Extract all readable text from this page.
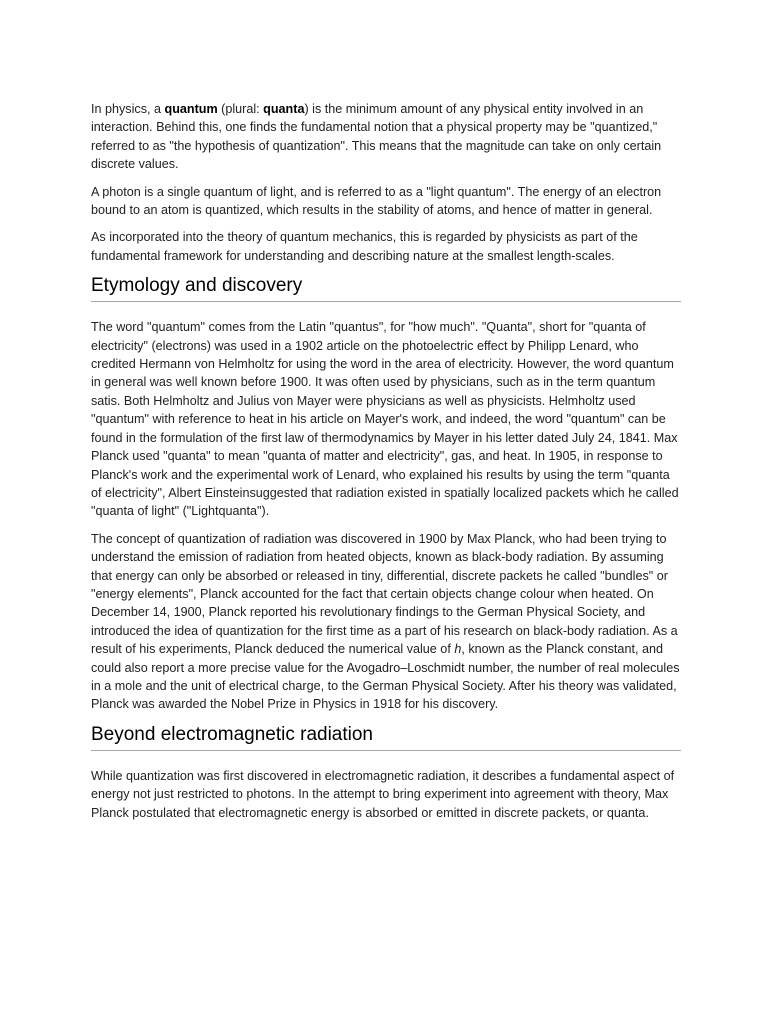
In physics, a quantum (plural: quanta) is the minimum amount of any physical entity involved in an interaction. Behind this, one finds the fundamental notion that a physical property may be "quantized," referred to as "the hypothesis of quantization". This means that the magnitude can take on only certain discrete values.

A photon is a single quantum of light, and is referred to as a "light quantum". The energy of an electron bound to an atom is quantized, which results in the stability of atoms, and hence of matter in general.

As incorporated into the theory of quantum mechanics, this is regarded by physicists as part of the fundamental framework for understanding and describing nature at the smallest length-scales.

Etymology and discovery

The word "quantum" comes from the Latin "quantus", for "how much". "Quanta", short for "quanta of electricity" (electrons) was used in a 1902 article on the photoelectric effect by Philipp Lenard, who credited Hermann von Helmholtz for using the word in the area of electricity. However, the word quantum in general was well known before 1900. It was often used by physicians, such as in the term quantum satis. Both Helmholtz and Julius von Mayer were physicians as well as physicists. Helmholtz used "quantum" with reference to heat in his article on Mayer's work, and indeed, the word "quantum" can be found in the formulation of the first law of thermodynamics by Mayer in his letter dated July 24, 1841. Max Planck used "quanta" to mean "quanta of matter and electricity", gas, and heat. In 1905, in response to Planck's work and the experimental work of Lenard, who explained his results by using the term "quanta of electricity", Albert Einsteinsuggested that radiation existed in spatially localized packets which he called "quanta of light" ("Lightquanta").

The concept of quantization of radiation was discovered in 1900 by Max Planck, who had been trying to understand the emission of radiation from heated objects, known as black-body radiation. By assuming that energy can only be absorbed or released in tiny, differential, discrete packets he called "bundles" or "energy elements", Planck accounted for the fact that certain objects change colour when heated. On December 14, 1900, Planck reported his revolutionary findings to the German Physical Society, and introduced the idea of quantization for the first time as a part of his research on black-body radiation. As a result of his experiments, Planck deduced the numerical value of h, known as the Planck constant, and could also report a more precise value for the Avogadro–Loschmidt number, the number of real molecules in a mole and the unit of electrical charge, to the German Physical Society. After his theory was validated, Planck was awarded the Nobel Prize in Physics in 1918 for his discovery.

Beyond electromagnetic radiation

While quantization was first discovered in electromagnetic radiation, it describes a fundamental aspect of energy not just restricted to photons. In the attempt to bring experiment into agreement with theory, Max Planck postulated that electromagnetic energy is absorbed or emitted in discrete packets, or quanta.
